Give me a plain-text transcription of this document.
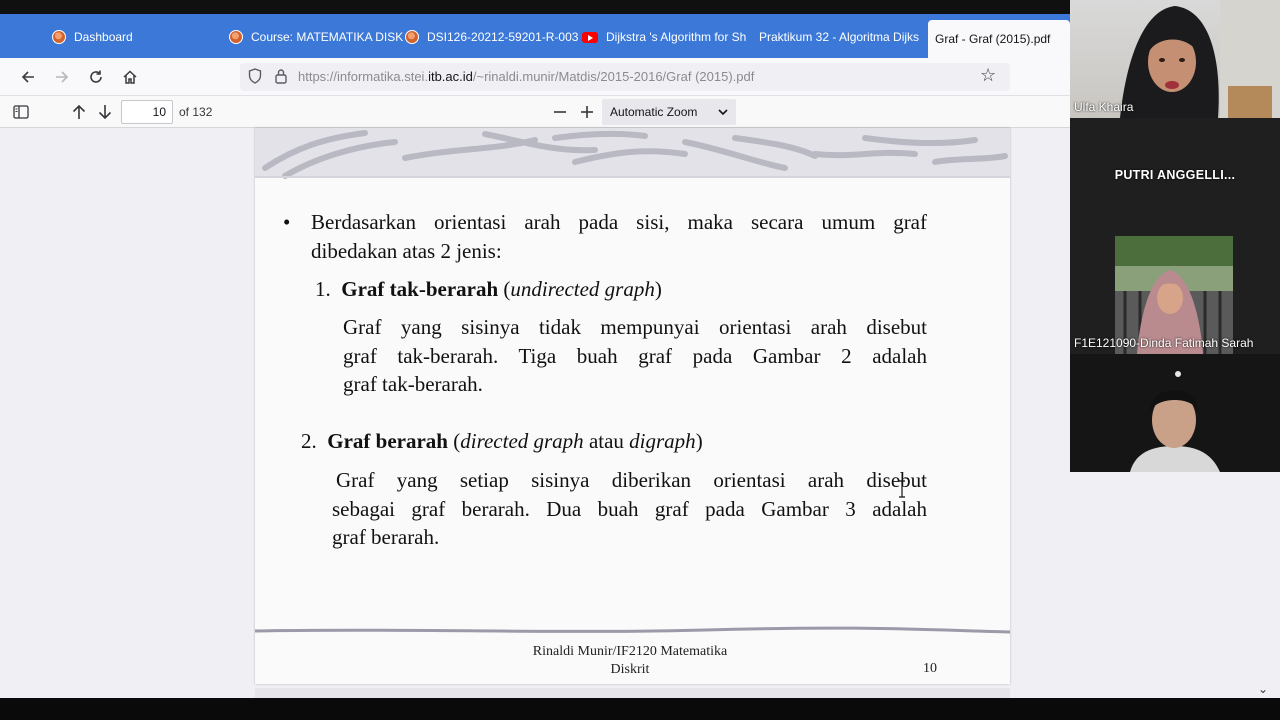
Dashboard	Course: MATEMATIKA DISK DSI126-20212-59201-R-003 Dijkstra 's Algorithm for Sh Praktikum 32 - Algoritma Dijks Graf - Graf (2015).pdf
https://informatika.stei.itb.ac.id/~rinaldi.munir/Matdis/2015-2016/Graf (2015).pdf	☆
10	of 132	Automatic Zoom
• Berdasarkan orientasi arah pada sisi, maka secara umum graf
dibedakan atas 2 jenis:
1. Graf tak-berarah (undirected graph)
Graf yang sisinya tidak mempunyai orientasi arah disebut
graf tak-berarah. Tiga buah graf pada Gambar 2 adalah
graf tak-berarah.
2. Graf berarah (directed graph atau digraph)
Graf yang setiap sisinya diberikan orientasi arah disebut
sebagai graf berarah. Dua buah graf pada Gambar 3 adalah
graf berarah.
Rinaldi Munir/IF2120 Matematika
Diskrit	10
Ulfa Khaira
PUTRI ANGGELLI...
F1E121090-Dinda Fatimah Sarah
⌄
